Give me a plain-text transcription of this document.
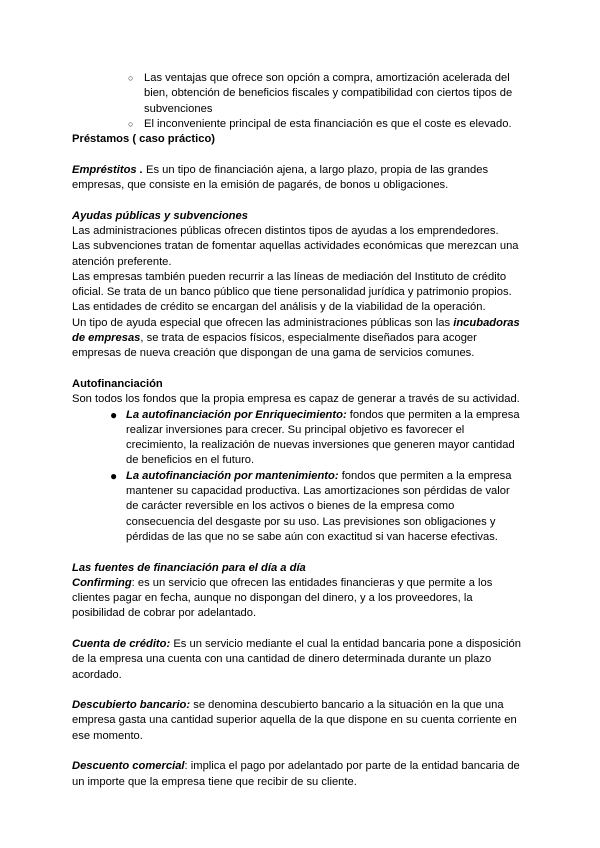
○ Las ventajas que ofrece son opción a compra, amortización acelerada del bien, obtención de beneficios fiscales y compatibilidad con ciertos tipos de subvenciones
○ El inconveniente principal de esta financiación es que el coste es elevado.

Préstamos ( caso práctico)

Empréstitos . Es un tipo de financiación ajena, a largo plazo, propia de las grandes empresas, que consiste en la emisión de pagarés, de bonos u obligaciones.

Ayudas públicas y subvenciones

Las administraciones públicas ofrecen distintos tipos de ayudas a los emprendedores.

Las subvenciones tratan de fomentar aquellas actividades económicas que merezcan una atención preferente.

Las empresas también pueden recurrir a las líneas de mediación del Instituto de crédito oficial. Se trata de un banco público que tiene personalidad jurídica y patrimonio propios.

Las entidades de crédito se encargan del análisis y de la viabilidad de la operación.

Un tipo de ayuda especial que ofrecen las administraciones públicas son las incubadoras de empresas, se trata de espacios físicos, especialmente diseñados para acoger empresas de nueva creación que dispongan de una gama de servicios comunes.

Autofinanciación

Son todos los fondos que la propia empresa es capaz de generar a través de su actividad.

● La autofinanciación por Enriquecimiento: fondos que permiten a la empresa realizar inversiones para crecer. Su principal objetivo es favorecer el crecimiento, la realización de nuevas inversiones que generen mayor cantidad de beneficios en el futuro.
● La autofinanciación por mantenimiento: fondos que permiten a la empresa mantener su capacidad productiva. Las amortizaciones son pérdidas de valor de carácter reversible en los activos o bienes de la empresa como consecuencia del desgaste por su uso. Las previsiones son obligaciones y pérdidas de las que no se sabe aún con exactitud si van hacerse efectivas.

Las fuentes de financiación para el día a día

Confirming: es un servicio que ofrecen las entidades financieras y que permite a los clientes pagar en fecha, aunque no dispongan del dinero, y a los proveedores, la posibilidad de cobrar por adelantado.

Cuenta de crédito: Es un servicio mediante el cual la entidad bancaria pone a disposición de la empresa una cuenta con una cantidad de dinero determinada durante un plazo acordado.

Descubierto bancario: se denomina descubierto bancario a la situación en la que una empresa gasta una cantidad superior aquella de la que dispone en su cuenta corriente en ese momento.

Descuento comercial: implica el pago por adelantado por parte de la entidad bancaria de un importe que la empresa tiene que recibir de su cliente.
